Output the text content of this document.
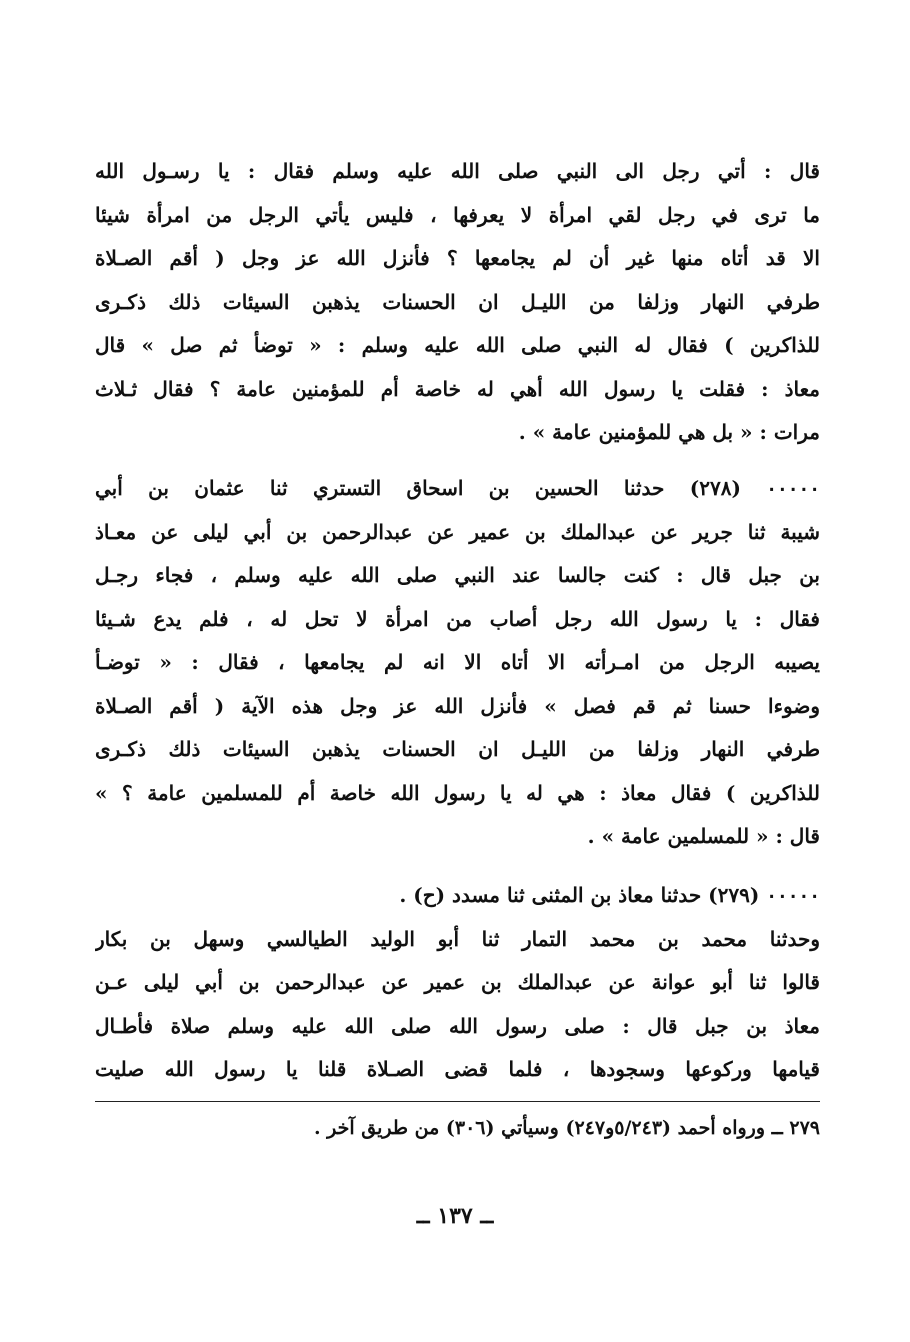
قال : أتي رجل الى النبي صلى الله عليه وسلم فقال : يا رسـول الله
ما ترى في رجل لقي امرأة لا يعرفها ، فليس يأتي الرجل من امرأة شيئا
الا قد أتاه منها غير أن لم يجامعها ؟ فأنزل الله عز وجل ( أقم الصـلاة
طرفي النهار وزلفا من الليـل ان الحسنات يذهبن السيئات ذلك ذكـرى
للذاكرين ) فقال له النبي صلى الله عليه وسلم : « توضأ ثم صل » قال
معاذ : فقلت يا رسول الله أهي له خاصة أم للمؤمنين عامة ؟ فقال ثـلاث
مرات : « بل هي للمؤمنين عامة » .
٠٠٠٠٠ (٢٧٨) حدثنا الحسين بن اسحاق التستري ثنا عثمان بن أبي
شيبة ثنا جرير عن عبدالملك بن عمير عن عبدالرحمن بن أبي ليلى عن معـاذ
بن جبل قال : كنت جالسا عند النبي صلى الله عليه وسلم ، فجاء رجـل
فقال : يا رسول الله رجل أصاب من امرأة لا تحل له ، فلم يدع شـيئا
يصيبه الرجل من امـرأته الا أتاه الا انه لم يجامعها ، فقال : « توضـأ
وضوءا حسنا ثم قم فصل » فأنزل الله عز وجل هذه الآية ( أقم الصـلاة
طرفي النهار وزلفا من الليـل ان الحسنات يذهبن السيئات ذلك ذكـرى
للذاكرين ) فقال معاذ : هي له يا رسول الله خاصة أم للمسلمين عامة ؟ »
قال : « للمسلمين عامة » .
٠٠٠٠٠ (٢٧٩) حدثنا معاذ بن المثنى ثنا مسدد (ح) .
وحدثنا محمد بن محمد التمار ثنا أبو الوليد الطيالسي وسهل بن بكار
قالوا ثنا أبو عوانة عن عبدالملك بن عمير عن عبدالرحمن بن أبي ليلى عـن
معاذ بن جبل قال : صلى رسول الله صلى الله عليه وسلم صلاة فأطـال
قيامها وركوعها وسجودها ، فلما قضى الصـلاة قلنا يا رسول الله صليت
٢٧٩ ــ ورواه أحمد (٥/٢٤٣و٢٤٧) وسيأتي (٣٠٦) من طريق آخر .
ــ ١٣٧ ــ
